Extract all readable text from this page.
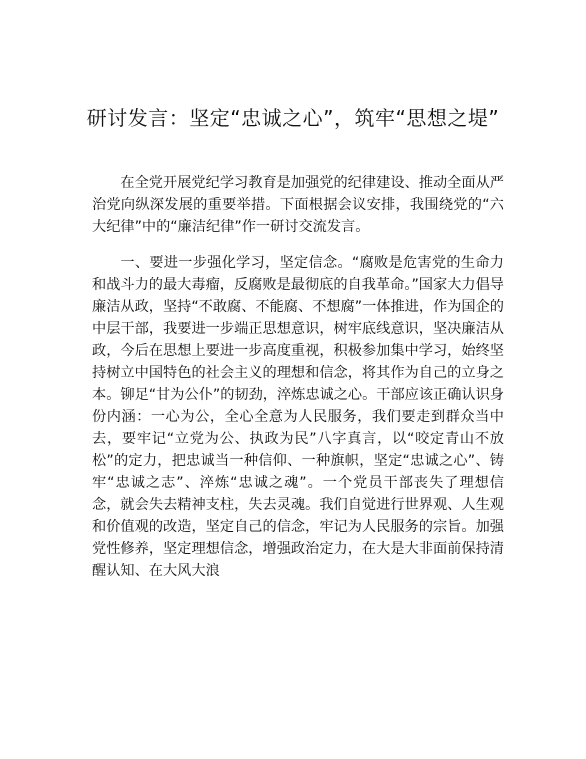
研讨发言：坚定“忠诚之心”，筑牢“思想之堤”

在全党开展党纪学习教育是加强党的纪律建设、推动全面从严治党向纵深发展的重要举措。下面根据会议安排，我围绕党的“六大纪律”中的“廉洁纪律”作一研讨交流发言。

一、要进一步强化学习，坚定信念。“腐败是危害党的生命力和战斗力的最大毒瘤，反腐败是最彻底的自我革命。”国家大力倡导廉洁从政，坚持“不敢腐、不能腐、不想腐”一体推进，作为国企的中层干部，我要进一步端正思想意识，树牢底线意识，坚决廉洁从政，今后在思想上要进一步高度重视，积极参加集中学习，始终坚持树立中国特色的社会主义的理想和信念，将其作为自己的立身之本。铆足“甘为公仆”的韧劲，淬炼忠诚之心。干部应该正确认识身份内涵：一心为公，全心全意为人民服务，我们要走到群众当中去，要牢记“立党为公、执政为民”八字真言，以“咬定青山不放松”的定力，把忠诚当一种信仰、一种旗帜，坚定“忠诚之心”、铸牢“忠诚之志”、淬炼“忠诚之魂”。一个党员干部丧失了理想信念，就会失去精神支柱，失去灵魂。我们自觉进行世界观、人生观和价值观的改造，坚定自己的信念，牢记为人民服务的宗旨。加强党性修养，坚定理想信念，增强政治定力，在大是大非面前保持清醒认知、在大风大浪
